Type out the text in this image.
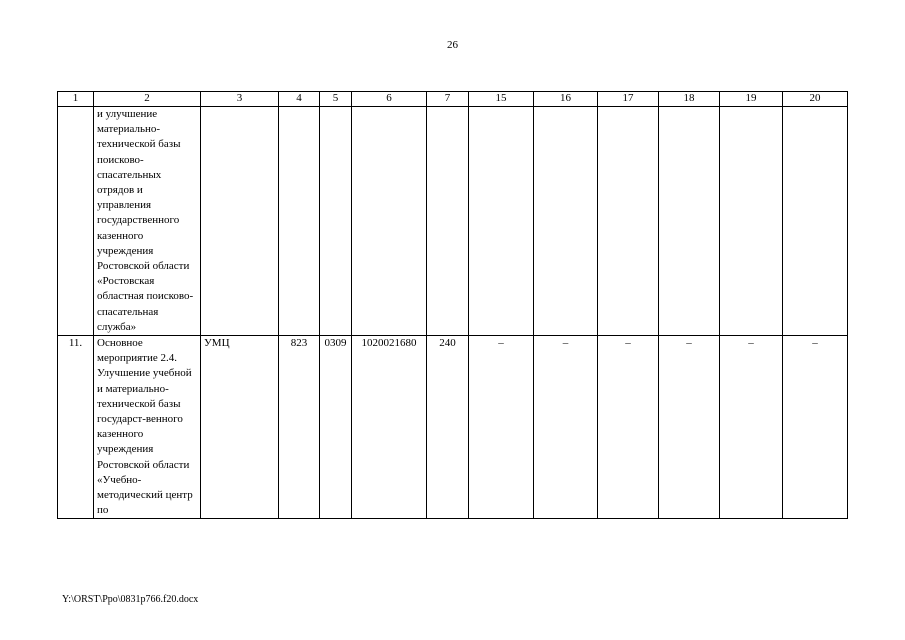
26
1	2	3	4	5	6	7	15	16	17	18	19	20
	и улучшение материально-технической базы поисково-спасательных отрядов и управления государственного казенного учреждения Ростовской области «Ростовская областная поисково-спасательная служба»											
11.	Основное мероприятие 2.4. Улучшение учебной и материально-технической базы государст-венного казенного учреждения Ростовской области «Учебно-методический центр по	УМЦ	823	0309	1020021680	240	–	–	–	–	–	–
Y:\ORST\Ppo\0831p766.f20.docx
